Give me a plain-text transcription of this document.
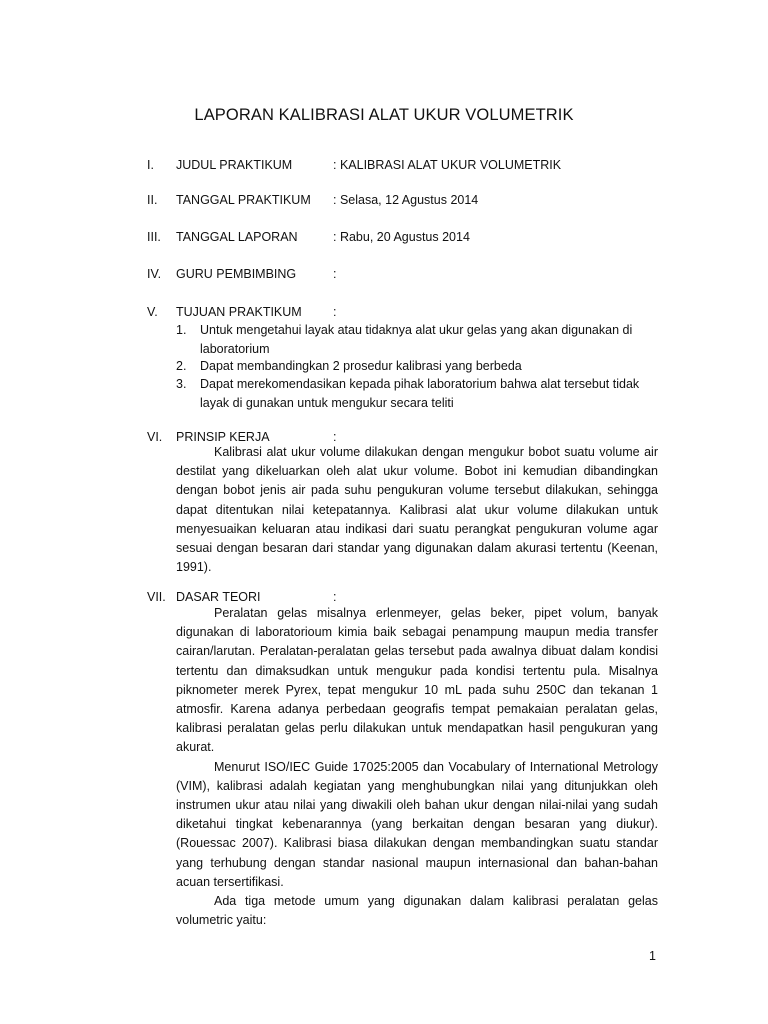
LAPORAN KALIBRASI ALAT UKUR VOLUMETRIK
I. JUDUL PRAKTIKUM	: KALIBRASI ALAT UKUR VOLUMETRIK
II. TANGGAL PRAKTIKUM : Selasa, 12 Agustus 2014
III. TANGGAL LAPORAN	: Rabu, 20 Agustus 2014
IV. GURU PEMBIMBING	:
V. TUJUAN PRAKTIKUM	:
1. Untuk mengetahui layak atau tidaknya alat ukur gelas yang akan digunakan di laboratorium
2. Dapat membandingkan 2 prosedur kalibrasi yang berbeda
3. Dapat merekomendasikan kepada pihak laboratorium bahwa alat tersebut tidak layak di gunakan untuk mengukur secara teliti
VI. PRINSIP KERJA	:
Kalibrasi alat ukur volume dilakukan dengan mengukur bobot suatu volume air destilat yang dikeluarkan oleh alat ukur volume. Bobot ini kemudian dibandingkan dengan bobot jenis air pada suhu pengukuran volume tersebut dilakukan, sehingga dapat ditentukan nilai ketepatannya. Kalibrasi alat ukur volume dilakukan untuk menyesuaikan keluaran atau indikasi dari suatu perangkat pengukuran volume agar sesuai dengan besaran dari standar yang digunakan dalam akurasi tertentu (Keenan, 1991).
VII. DASAR TEORI	:
Peralatan gelas misalnya erlenmeyer, gelas beker, pipet volum, banyak digunakan di laboratorioum kimia baik sebagai penampung maupun media transfer cairan/larutan. Peralatan-peralatan gelas tersebut pada awalnya dibuat dalam kondisi tertentu dan dimaksudkan untuk mengukur pada kondisi tertentu pula. Misalnya piknometer merek Pyrex, tepat mengukur 10 mL pada suhu 250C dan tekanan 1 atmosfir. Karena adanya perbedaan geografis tempat pemakaian peralatan gelas, kalibrasi peralatan gelas perlu dilakukan untuk mendapatkan hasil pengukuran yang akurat.
Menurut ISO/IEC Guide 17025:2005 dan Vocabulary of International Metrology (VIM), kalibrasi adalah kegiatan yang menghubungkan nilai yang ditunjukkan oleh instrumen ukur atau nilai yang diwakili oleh bahan ukur dengan nilai-nilai yang sudah diketahui tingkat kebenarannya (yang berkaitan dengan besaran yang diukur). (Rouessac 2007). Kalibrasi biasa dilakukan dengan membandingkan suatu standar yang terhubung dengan standar nasional maupun internasional dan bahan-bahan acuan tersertifikasi.
Ada tiga metode umum yang digunakan dalam kalibrasi peralatan gelas volumetric yaitu:
1
